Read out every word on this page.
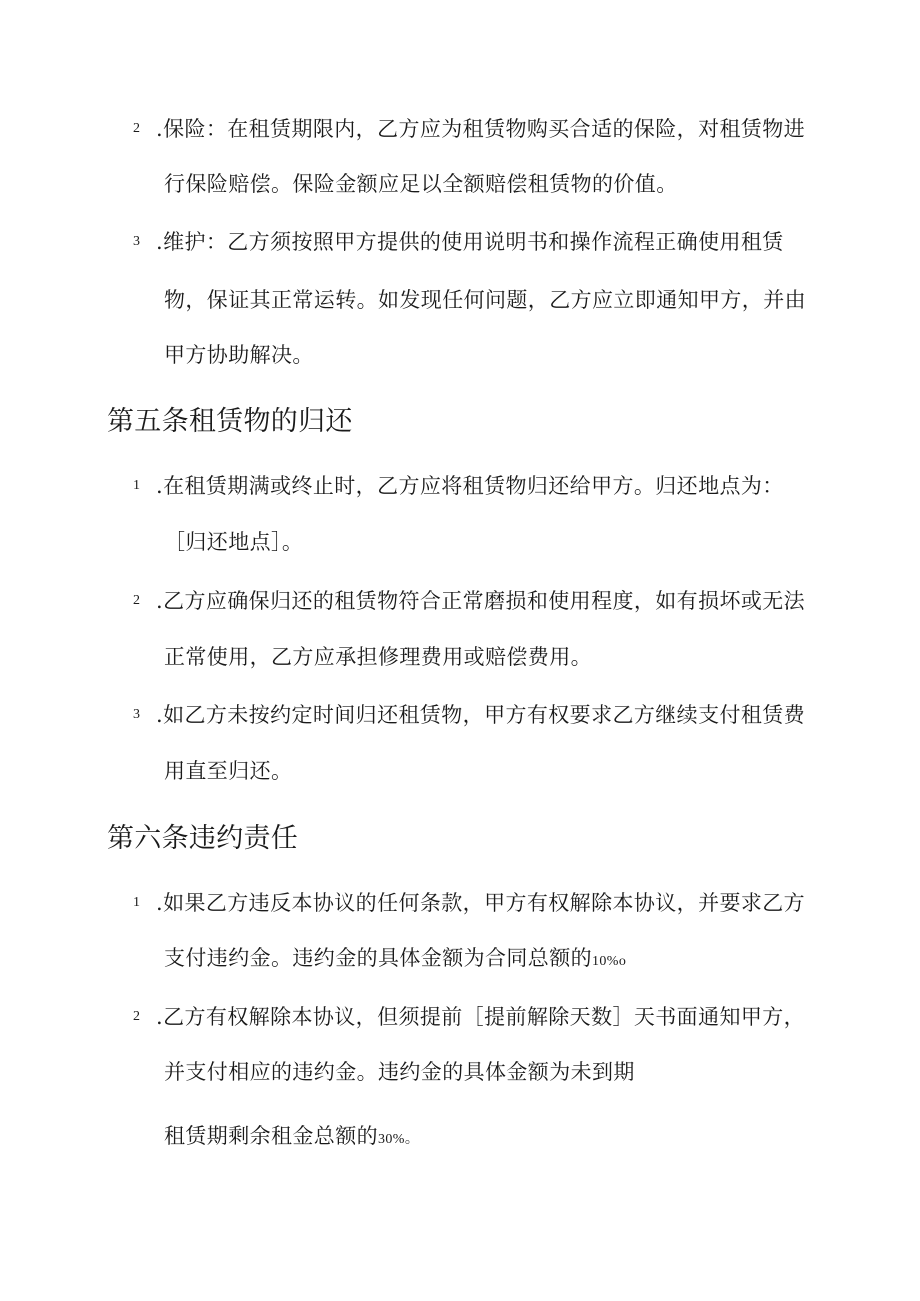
2 .保险：在租赁期限内，乙方应为租赁物购买合适的保险，对租赁物进
行保险赔偿。保险金额应足以全额赔偿租赁物的价值。
3 .维护：乙方须按照甲方提供的使用说明书和操作流程正确使用租赁
物，保证其正常运转。如发现任何问题，乙方应立即通知甲方，并由
甲方协助解决。
第五条租赁物的归还
1 .在租赁期满或终止时，乙方应将租赁物归还给甲方。归还地点为：
［归还地点］。
2 .乙方应确保归还的租赁物符合正常磨损和使用程度，如有损坏或无法
正常使用，乙方应承担修理费用或赔偿费用。
3 .如乙方未按约定时间归还租赁物，甲方有权要求乙方继续支付租赁费
用直至归还。
第六条违约责任
1 .如果乙方违反本协议的任何条款，甲方有权解除本协议，并要求乙方
支付违约金。违约金的具体金额为合同总额的10%o
2 .乙方有权解除本协议，但须提前［提前解除天数］天书面通知甲方，
并支付相应的违约金。违约金的具体金额为未到期
租赁期剩余租金总额的30%。
